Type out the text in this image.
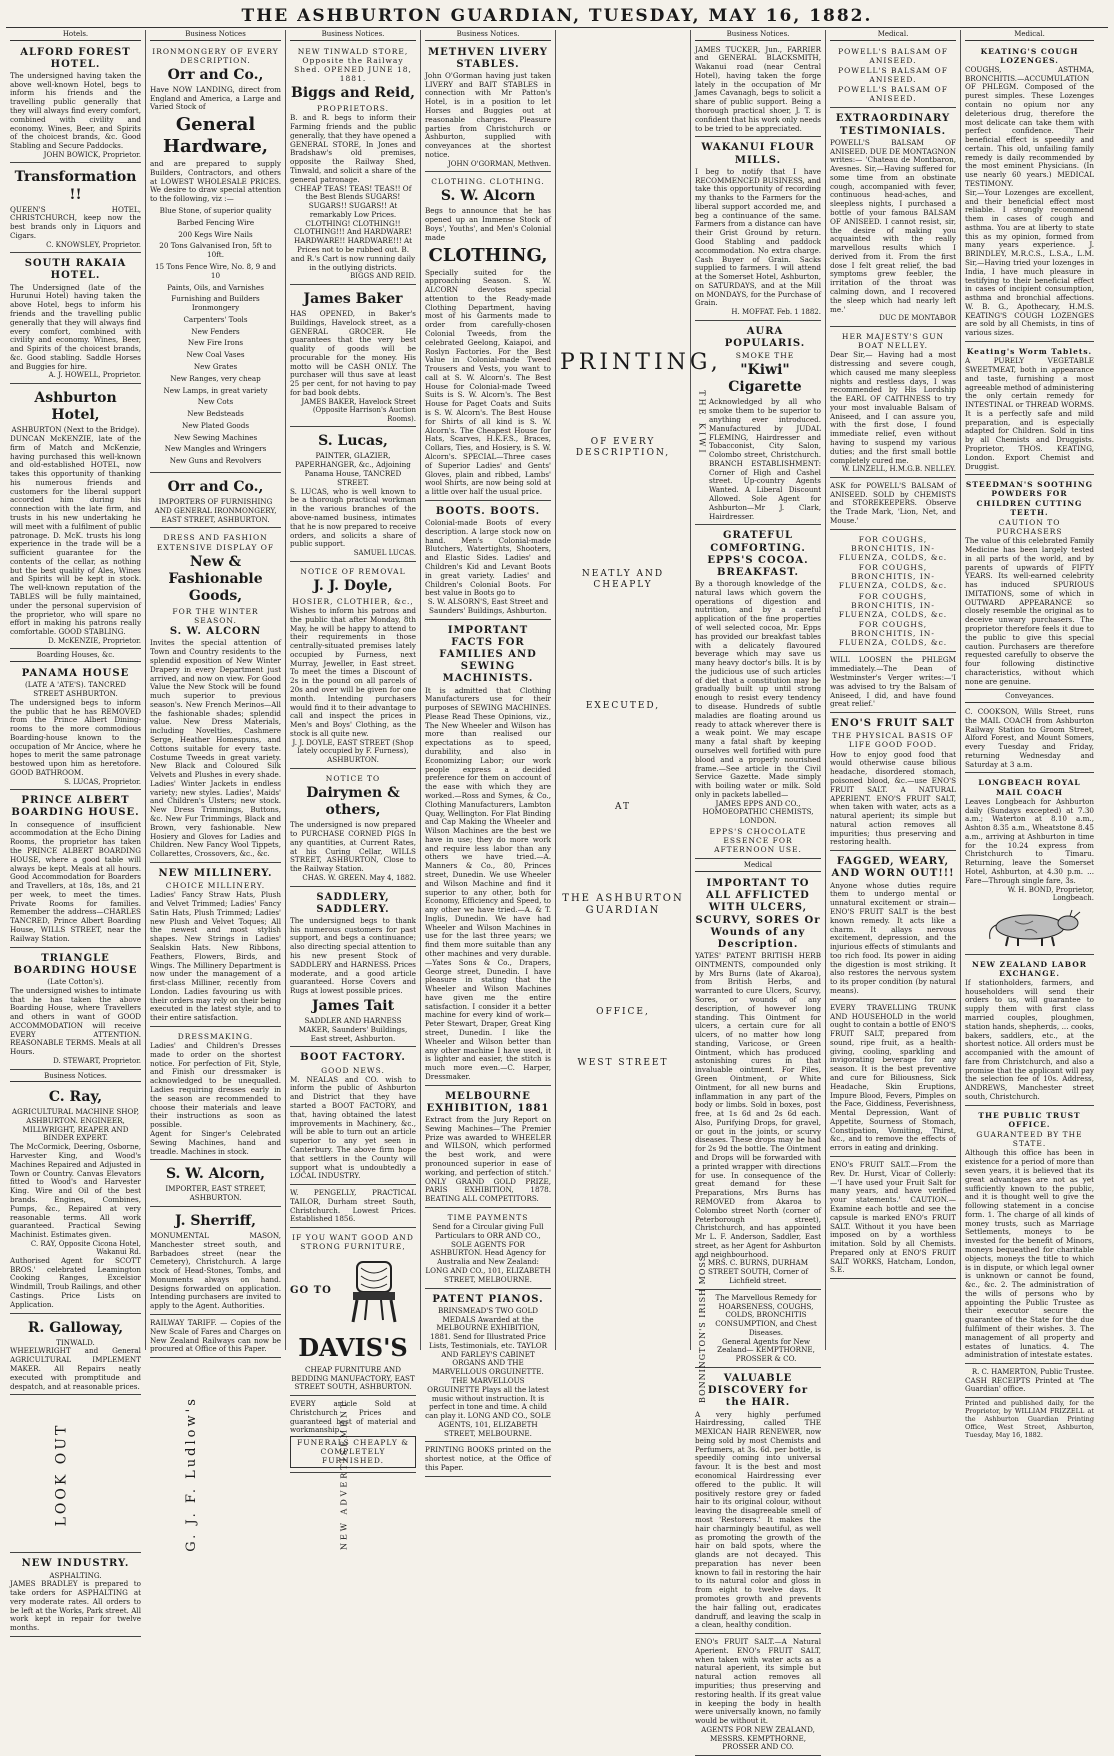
THE ASHBURTON GUARDIAN, TUESDAY, MAY 16, 1882.
Hotels.
ALFORD FOREST HOTEL.
The undersigned having taken the above well-known Hotel, begs to inform his friends and the travelling public generally that they will always find every comfort, combined with civility and economy. Wines, Beer, and Spirits of the choicest brands, &c. Good Stabling and Secure Paddocks.
JOHN BOWICK, Proprietor.
Transformation !!
QUEEN'S HOTEL, CHRISTCHURCH, keep now the best brands only in Liquors and Cigars.
C. KNOWSLEY, Proprietor.
SOUTH RAKAIA HOTEL.
The Undersigned (late of the Hurunui Hotel) having taken the above Hotel, begs to inform his friends and the travelling public generally that they will always find every comfort, combined with civility and economy. Wines, Beer, and Spirits of the choicest brands, &c. Good stabling. Saddle Horses and Buggies for hire.
A. J. HOWELL, Proprietor.
Ashburton Hotel,
ASHBURTON (Next to the Bridge).
DUNCAN McKENZIE, late of the firm of Match and McKenzie, having purchased this well-known and old-established HOTEL, now takes this opportunity of thanking his numerous friends and customers for the liberal support accorded him during his connection with the late firm, and trusts in his new undertaking he will meet with a fulfilment of public patronage. D. McK. trusts his long experience in the trade will be a sufficient guarantee for the contents of the cellar, as nothing but the best quality of Ales, Wines and Spirits will be kept in stock. The well-known reputation of the TABLES will be fully maintained, under the personal supervision of the proprietor, who will spare no effort in making his patrons really comfortable. GOOD STABLING.
D. McKENZIE, Proprietor.
Boarding Houses, &c.
PANAMA HOUSE
(LATE A 'ATE'S). TANCRED STREET ASHBURTON.
The undersigned begs to inform the public that he has REMOVED from the Prince Albert Dining-rooms to the more commodious Boarding-house known to the occupation of Mr Ancice, where he hopes to merit the same patronage bestowed upon him as heretofore. GOOD BATHROOM.
S. LUCAS, Proprietor.
PRINCE ALBERT BOARDING HOUSE.
In consequence of insufficient accommodation at the Echo Dining Rooms, the proprietor has taken the PRINCE ALBERT BOARDING HOUSE, where a good table will always be kept. Meals at all hours. Good Accommodation for Boarders and Travellers, at 18s, 18s, and 21 per week, to meet the times. Private Rooms for families. Remember the address—CHARLES TANCRED, Prince Albert Boarding House, WILLS STREET, near the Railway Station.
TRIANGLE BOARDING HOUSE
(Late Cotton's).
The undersigned wishes to intimate that he has taken the above Boarding House, where Travellers and others in want of GOOD ACCOMMODATION will receive EVERY ATTENTION. REASONABLE TERMS. Meals at all Hours.
D. STEWART, Proprietor.
Business Notices.
C. Ray,
AGRICULTURAL MACHINE SHOP, ASHBURTON. ENGINEER, MILLWRIGHT, REAPER AND BINDER EXPERT.
The McCormick, Deering, Osborne, Harvester King, and Wood's Machines Repaired and Adjusted in Town or Country. Canvas Elevators fitted to Wood's and Harvester King. Wire and Oil of the best brands. Engines, Combines, Pumps, &c., Repaired at very reasonable terms. All work guaranteed. Practical Sewing Machinist. Estimates given.
C. RAY, Opposite Cicona Hotel, Wakanui Rd.
Authorised Agent for SCOTT BROS.' celebrated Leamington Cooking Ranges, Excelsior Windmill, Troub Railings, and other Castings. Price Lists on Application.
R. Galloway,
TINWALD.
WHEELWRIGHT and General AGRICULTURAL IMPLEMENT MAKER. All Repairs neatly executed with promptitude and despatch, and at reasonable prices.
LOOK OUT	G. J. F. Ludlow's	NEW ADVERTISEMENT
NEW INDUSTRY.
ASPHALTING.
JAMES BRADLEY is prepared to take orders for ASPHALTING at very moderate rates. All orders to be left at the Works, Park street. All work kept in repair for twelve months.
Business Notices
IRONMONGERY OF EVERY DESCRIPTION.
Orr and Co.,
Have NOW LANDING, direct from England and America, a Large and Varied Stock of
General Hardware,
and are prepared to supply Builders, Contractors, and others at LOWEST WHOLESALE PRICES. We desire to draw special attention to the following, viz :—
Blue Stone, of superior quality
Barbed Fencing Wire
200 Kegs Wire Nails
20 Tons Galvanised Iron, 5ft to 10ft.
15 Tons Fence Wire, No. 8, 9 and 10
Paints, Oils, and Varnishes
Furnishing and Builders Ironmongery
Carpenters' Tools
New Fenders
New Fire Irons
New Coal Vases
New Grates
New Ranges, very cheap
New Lamps, in great variety
New Cots
New Bedsteads
New Plated Goods
New Sewing Machines
New Mangles and Wringers
New Guns and Revolvers
Orr and Co.,
IMPORTERS OF FURNISHING AND GENERAL IRONMONGERY, EAST STREET, ASHBURTON.
DRESS AND FASHION EXTENSIVE DISPLAY OF
New & Fashionable Goods,
FOR THE WINTER SEASON.
S. W. ALCORN
Invites the special attention of Town and Country residents to the splendid exposition of New Winter Drapery in every Department just arrived, and now on view. For Good Value the New Stock will be found much superior to previous season's. New French Merinos—All the fashionable shades; splendid value. New Dress Materials, including Novelties, Cashmere Serge, Heather Homespuns, and Cottons suitable for every taste. Costume Tweeds in great variety. New Black and Coloured Silk Velvets and Plushes in every shade. Ladies' Winter Jackets in endless variety; new styles. Ladies', Maids' and Children's Ulsters; new stock. New Dress Trimmings, Buttons, &c. New Fur Trimmings, Black and Brown, very fashionable. New Hosiery and Gloves for Ladies and Children. New Fancy Wool Tippets, Collarettes, Crossovers, &c., &c.
NEW MILLINERY.
CHOICE MILLINERY.
Ladies' Fancy Straw Hats, Plush and Velvet Trimmed; Ladies' Fancy Satin Hats, Plush Trimmed; Ladies' new Plush and Velvet Toques; All the newest and most stylish shapes. New Strings in Ladies' Sealskin Hats. New Ribbons, Feathers, Flowers, Birds, and Wings. The Millinery Department is now under the management of a first-class Milliner, recently from London. Ladies favouring us with their orders may rely on their being executed in the latest style, and to their entire satisfaction.
DRESSMAKING.
Ladies' and Children's Dresses made to order on the shortest notice. For perfection of Fit, Style, and Finish our dressmaker is acknowledged to be unequalled. Ladies requiring dresses early in the season are recommended to choose their materials and leave their instructions as soon as possible.
Agent for Singer's Celebrated Sewing Machines, hand and treadle. Machines in stock.
S. W. Alcorn,
IMPORTER, EAST STREET, ASHBURTON.
J. Sherriff,
MONUMENTAL MASON, Manchester street south, and Barbadoes street (near the Cemetery), Christchurch. A large stock of Head-Stones, Tombs, and Monuments always on hand. Designs forwarded on application. Intending purchasers are invited to apply to the Agent. Authorities.
RAILWAY TARIFF. — Copies of the New Scale of Fares and Charges on New Zealand Railways can now be procured at Office of this Paper.
Business Notices.
NEW TINWALD STORE, Opposite the Railway Shed. OPENED JUNE 18, 1881.
Biggs and Reid,
PROPRIETORS.
B. and R. begs to inform their Farming friends and the public generally, that they have opened a GENERAL STORE, In Jones and Bradshaw's old premises, opposite the Railway Shed, Tinwald, and solicit a share of the general patronage.
CHEAP TEAS! TEAS! TEAS!! Of the Best Blends SUGARS! SUGARS!! SUGARS!! At remarkably Low Prices. CLOTHING! CLOTHING!! CLOTHING!!! And HARDWARE! HARDWARE!! HARDWARE!!! At Prices not to be rubbed out. B. and R.'s Cart is now running daily in the outlying districts.
BIGGS AND REID.
James Baker
HAS OPENED, in Baker's Buildings, Havelock street, as a GENERAL GROCER. He guarantees that the very best quality of goods will be procurable for the money. His motto will be CASH ONLY. The purchaser will thus save at least 25 per cent, for not having to pay for bad book debts.
JAMES BAKER, Havelock Street (Opposite Harrison's Auction Rooms).
S. Lucas,
PAINTER, GLAZIER, PAPERHANGER, &c., Adjoining Panama House, TANCRED STREET.
S. LUCAS, who is well known to be a thorough practical workman in the various branches of the above-named business, intimates that he is now prepared to receive orders, and solicits a share of public support.
SAMUEL LUCAS.
NOTICE OF REMOVAL
J. J. Doyle,
HOSIER, CLOTHIER, &c.,
Wishes to inform his patrons and the public that after Monday, 8th May, he will be happy to attend to their requirements in those centrally-situated premises lately occupied by Furness, next Murray, Jeweller, in East street. To meet the times a Discount of 2s in the pound on all parcels of 20s and over will be given for one month. Intending purchasers would find it to their advantage to call and inspect the prices in Men's and Boys' Clothing, as the stock is all quite new.
J. J. DOYLE, EAST STREET (Shop lately occupied by F. Furness), ASHBURTON.
NOTICE TO
Dairymen & others,
The undersigned is now prepared to PURCHASE CORNED PIGS In any quantities, at Current Rates, at his Curing Cellar, WILLS STREET, ASHBURTON, Close to the Railway Station.
CHAS. W. GREEN. May 4, 1882.
SADDLERY, SADDLERY.
The undersigned begs to thank his numerous customers for past support, and begs a continuance; also directing special attention to his new present Stock of SADDLERY and HARNESS. Prices moderate, and a good article guaranteed. Horse Covers and Rugs at lowest possible prices.
James Tait
SADDLER AND HARNESS MAKER, Saunders' Buildings, East street, Ashburton.
BOOT FACTORY.
GOOD NEWS.
M. NEALAS and CO. wish to inform the public of Ashburton and District that they have started a BOOT FACTORY, and that, having obtained the latest improvements in Machinery, &c., will be able to turn out an article superior to any yet seen in Canterbury. The above firm hope that settlers in the County will support what is undoubtedly a LOCAL INDUSTRY.
W. PENGELLY, PRACTICAL TAILOR, Durham street South, Christchurch. Lowest Prices. Established 1856.
IF YOU WANT GOOD AND STRONG FURNITURE,
GO TO
DAVIS'S
CHEAP FURNITURE AND BEDDING MANUFACTORY, EAST STREET SOUTH, ASHBURTON.
EVERY article Sold at Christchurch Prices and guaranteed best of material and workmanship.
FUNERALS CHEAPLY & COMPLETELY FURNISHED.
Business Notices.
METHVEN LIVERY STABLES.
John O'Gorman having just taken LIVERY and BAIT STABLES in connection with Mr Patton's Hotel, is in a position to let Horses and Buggies out at reasonable charges. Pleasure parties from Christchurch or Ashburton, supplied with conveyances at the shortest notice.
JOHN O'GORMAN, Methven.
CLOTHING. CLOTHING.
S. W. Alcorn
Begs to announce that he has opened up an Immense Stock of Boys', Youths', and Men's Colonial made
CLOTHING,
Specially suited for the approaching Season. S. W. ALCORN devotes special attention to the Ready-made Clothing Department, having most of his Garments made to order from carefully-chosen Colonial Tweeds, from the celebrated Geelong, Kaiapoi, and Roslyn Factories. For the Best Value in Colonial-made Tweed Trousers and Vests, you want to call at S. W. Alcorn's. The Best House for Colonial-made Tweed Suits is S. W. Alcorn's. The Best House for Paget Coats and Suits is S. W. Alcorn's. The Best House for Shirts of all kind is S. W. Alcorn's. The Cheapest House for Hats, Scarves, H.K.F.S., Braces, Collars, Ties, and Hosiery, is S. W. Alcorn's. SPECIAL—Three cases of Superior Ladies' and Gents' Gloves, plain and ribbed, Lambs' wool Shirts, are now being sold at a little over half the usual price.
BOOTS. BOOTS.
Colonial-made Boots of every description. A large stock now on hand. Men's Colonial-made Blutchers, Watertights, Shooters, and Elastic Sides. Ladies' and Children's Kid and Levant Boots in great variety. Ladies' and Children's Colonial Boots. For best value in Boots go to
S. W. ALSORN'S, East Street and Saunders' Buildings, Ashburton.
IMPORTANT FACTS FOR FAMILIES AND SEWING MACHINISTS.
It is admitted that Clothing Manufacturers use for their purposes of SEWING MACHINES. Please Read These Opinions, viz., The New Wheeler and Wilson has more than realised our expectations as to speed, durability, and also in Economizing Labor; our work people express a decided preference for them on account of the ease with which they are worked.—Ross and Symes, & Co., Clothing Manufacturers, Lambton Quay, Wellington. For Flat Binding and Cap Making the Wheeler and Wilson Machines are the best we have in use; they do more work and require less labor than any others we have tried.—A. Manners & Co., 80, Princes street, Dunedin. We use Wheeler and Wilson Machine and find it superior to any other, both for Economy, Efficiency and Speed, to any other we have tried.—A. & T. Inglis, Dunedin. We have had Wheeler and Wilson Machines in use for the last three years; we find them more suitable than any other machines and very durable.—Yates Sons & Co., Drapers, George street, Dunedin. I have pleasure in stating that the Wheeler and Wilson Machines have given me the entire satisfaction. I consider it a better machine for every kind of work—Peter Stewart, Draper, Great King street, Dunedin. I like the Wheeler and Wilson better than any other machine I have used, it is lighter and easier, the stitch is much more even.—C. Harper, Dressmaker.
MELBOURNE EXHIBITION, 1881
Extract from the Jury Report on Sewing Machines—'The Premier Prize was awarded to WHEELER and WILSON, which performed the best work, and were pronounced superior in ease of working, and perfection of stitch.' ONLY GRAND GOLD PRIZE, PARIS EXHIBITION, 1878. BEATING ALL COMPETITORS.
TIME PAYMENTS
Send for a Circular giving Full Particulars to ORR AND CO., SOLE AGENTS FOR ASHBURTON. Head Agency for Australia and New Zealand: LONG AND CO., 101, ELIZABETH STREET, MELBOURNE.
PATENT PIANOS.
BRINSMEAD'S TWO GOLD MEDALS Awarded at the MELBOURNE EXHIBITION, 1881. Send for Illustrated Price Lists, Testimonials, etc. TAYLOR AND FARLEY'S CABINET ORGANS AND THE MARVELLOUS ORGUINETTE. THE MARVELLOUS ORGUINETTE Plays all the latest music without instruction. It is perfect in tone and time. A child can play it. LONG AND CO., SOLE AGENTS, 101, ELIZABETH STREET, MELBOURNE.
PRINTING BOOKS printed on the shortest notice, at the Office of this Paper.
PRINTING,
OF EVERY DESCRIPTION,
NEATLY AND CHEAPLY
EXECUTED,
AT
THE ASHBURTON GUARDIAN
OFFICE,
WEST STREET
Business Notices.
JAMES TUCKER, Jun., FARRIER and GENERAL BLACKSMITH, Wakanui road (near Central Hotel), having taken the forge lately in the occupation of Mr James Cavanagh, begs to solicit a share of public support. Being a thorough practical shoer, J. T. is confident that his work only needs to be tried to be appreciated.
WAKANUI FLOUR MILLS.
I beg to notify that I have RECOMMENCED BUSINESS, and take this opportunity of recording my thanks to the Farmers for the liberal support accorded me, and beg a continuance of the same. Farmers from a distance can have their Grist Ground by return. Good Stabling and paddock accommodation. No extra charge. Cash Buyer of Grain. Sacks supplied to farmers. I will attend at the Somerset Hotel, Ashburton, on SATURDAYS, and at the Mill on MONDAYS, for the Purchase of Grain.
H. MOFFAT. Feb. 1 1882.
THE KIWI
AURA POPULARIS.
SMOKE THE
"Kiwi" Cigarette
Acknowledged by all who smoke them to be superior to anything ever introduced. Manufactured by JUDAL FLEMING, Hairdresser and Tobacconist, City Salon, Colombo street, Christchurch. BRANCH ESTABLISHMENT: Corner of High and Cashel street. Up-country Agents Wanted. A Liberal Discount Allowed. Sole Agent for Ashburton—Mr J. Clark, Hairdresser.
GRATEFUL COMFORTING. EPPS'S COCOA. BREAKFAST.
By a thorough knowledge of the natural laws which govern the operations of digestion and nutrition, and by a careful application of the fine properties of well selected cocoa, Mr. Epps has provided our breakfast tables with a delicately flavoured beverage which may save us many heavy doctor's bills. It is by the judicious use of such articles of diet that a constitution may be gradually built up until strong enough to resist every tendency to disease. Hundreds of subtle maladies are floating around us ready to attack wherever there is a weak point. We may escape many a fatal shaft by keeping ourselves well fortified with pure blood and a properly nourished frame.—See article in the Civil Service Gazette. Made simply with boiling water or milk. Sold only in packets labelled—
JAMES EPPS AND CO., HOMOEOPATHIC CHEMISTS, LONDON.
EPPS'S CHOCOLATE ESSENCE FOR AFTERNOON USE.
Medical
IMPORTANT TO ALL AFFLICTED WITH ULCERS, SCURVY, SORES Or Wounds of any Description.
YATES' PATENT BRITISH HERB OINTMENTS, compounded only by Mrs Burns (late of Akaroa), from British Herbs, and warranted to cure Ulcers, Scurvy, Sores, or wounds of any description, of however long standing. This Ointment for ulcers, a certain cure for all ulcers, of no matter how long standing, Varicose, or Green Ointment, which has produced astonishing cures in that invaluable ointment. For Piles, Green Ointment, or White Ointment, for all new burns and inflammation in any part of the body or limbs. Sold in boxes, post free, at 1s 6d and 2s 6d each. Also, Purifying Drops, for gravel, or gout in the joints, or scurvy diseases. These drops may be had for 2s 9d the bottle. The Ointment and Drops will be forwarded with a printed wrapper with directions for use. In consequence of the great demand for these Preparations, Mrs Burns has REMOVED from Akaroa to Colombo street North (corner of Peterborough street), Christchurch, and has appointed Mr L. F. Anderson, Saddler, East street, as her Agent for Ashburton and neighbourhood.
MRS. C. BURNS, DURHAM STREET SOUTH, Corner of Lichfield street.
BONNINGTON'S IRISH MOSS	The Marvellous Remedy for HOARSENESS, COUGHS, COLDS, BRONCHITIS CONSUMPTION, and Chest Diseases.
General Agents for New Zealand— KEMPTHORNE, PROSSER & CO.
VALUABLE DISCOVERY for the HAIR.
A very highly perfumed Hairdressing, called THE MEXICAN HAIR RENEWER, now being sold by most Chemists and Perfumers, at 3s. 6d. per bottle, is speedily coming into universal favour. It is the best and most economical Hairdressing ever offered to the public. It will positively restore grey or faded hair to its original colour, without leaving the disagreeable smell of most 'Restorers.' It makes the hair charmingly beautiful, as well as promoting the growth of the hair on bald spots, where the glands are not decayed. This preparation has never been known to fail in restoring the hair to its natural color and gloss in from eight to twelve days. It promotes growth and prevents the hair falling out, eradicates dandruff, and leaving the scalp in a clean, healthy condition.
ENO's FRUIT SALT.—A Natural Aperient. ENO's FRUIT SALT, when taken with water acts as a natural aperient, its simple but natural action removes all impurities; thus preserving and restoring health. If its great value in keeping the body in health were universally known, no family would be without it.
AGENTS FOR NEW ZEALAND, MESSRS. KEMPTHORNE, PROSSER AND CO.
Medical.
POWELL'S BALSAM OF ANISEED.
POWELL'S BALSAM OF ANISEED.
POWELL'S BALSAM OF ANISEED.
EXTRAORDINARY TESTIMONIALS.
POWELL'S BALSAM OF ANISEED. DUE DE MONTAGNON writes:— 'Chateau de Montbaron, Avesnes. Sir,—Having suffered for some time from an obstinate cough, accompanied with fever, continuous head-aches, and sleepless nights, I purchased a bottle of your famous BALSAM OF ANISEED. I cannot resist, sir, the desire of making you acquainted with the really marvellous results which I derived from it. From the first dose I felt great relief, the bad symptoms grew feebler, the irritation of the throat was calming down, and I recovered the sleep which had nearly left me.'
DUC DE MONTABOR
HER MAJESTY'S GUN BOAT NELLEY.
Dear Sir,— Having had a most distressing and severe cough, which caused me many sleepless nights and restless days, I was recommended by His Lordship the EARL OF CAITHNESS to try your most invaluable Balsam of Aniseed, and I can assure you, with the first dose, I found immediate relief, even without having to suspend my various duties; and the first small bottle completely cured me.
W. LINZELL, H.M.G.B. NELLEY.
ASK for POWELL'S BALSAM of ANISEED. SOLD by CHEMISTS and STOREKEEPERS. Observe the Trade Mark, 'Lion, Net, and Mouse.'
FOR COUGHS, BRONCHITIS, IN-FLUENZA, COLDS, &c.
FOR COUGHS, BRONCHITIS, IN-FLUENZA, COLDS, &c.
FOR COUGHS, BRONCHITIS, IN-FLUENZA, COLDS, &c.
FOR COUGHS, BRONCHITIS, IN-FLUENZA, COLDS, &c.
WILL LOOSEN the PHLEGM immediately.—The Dean of Westminster's Verger writes:—'I was advised to try the Balsam of Aniseed, I did, and have found great relief.'
ENO'S FRUIT SALT
THE PHYSICAL BASIS OF LIFE GOOD FOOD.
How to enjoy good food that would otherwise cause bilious headache, disordered stomach, poisoned blood, &c.—use ENO'S FRUIT SALT. A NATURAL APERIENT. ENO'S FRUIT SALT, when taken with water, acts as a natural aperient; its simple but natural action removes all impurities; thus preserving and restoring health.
FAGGED, WEARY, AND WORN OUT!!!
Anyone whose duties require them to undergo mental or unnatural excitement or strain—ENO'S FRUIT SALT is the best known remedy. It acts like a charm. It allays nervous excitement, depression, and the injurious effects of stimulants and too rich food. Its power in aiding the digestion is most striking. It also restores the nervous system to its proper condition (by natural means).
EVERY TRAVELLING TRUNK AND HOUSEHOLD in the world ought to contain a bottle of ENO'S FRUIT SALT, prepared from sound, ripe fruit, as a health-giving, cooling, sparkling and invigorating beverage for any season. It is the best preventive and cure for Biliousness, Sick Headache, Skin Eruptions, Impure Blood, Fevers, Pimples on the Face, Giddiness, Feverishness, Mental Depression, Want of Appetite, Sourness of Stomach, Constipation, Vomiting, Thirst, &c., and to remove the effects of errors in eating and drinking.
ENO's FRUIT SALT.—From the Rev. Dr. Hurst, Vicar of Collerly:—'I have used your Fruit Salt for many years, and have verified your statements.' CAUTION.—Examine each bottle and see the capsule is marked ENO's FRUIT SALT. Without it you have been imposed on by a worthless imitation. Sold by all Chemists. Prepared only at ENO'S FRUIT SALT WORKS, Hatcham, London, S.E.
Medical.
KEATING'S COUGH LOZENGES.
COUGHS, ASTHMA, BRONCHITIS.—ACCUMULATION OF PHLEGM. Composed of the purest simples. These Lozenges contain no opium nor any deleterious drug, therefore the most delicate can take them with perfect confidence. Their beneficial effect is speedily and certain. This old, unfailing family remedy is daily recommended by the most eminent Physicians. (In use nearly 60 years.) MEDICAL TESTIMONY.
Sir,—Your Lozenges are excellent, and their beneficial effect most reliable. I strongly recommend them in cases of cough and asthma. You are at liberty to state this as my opinion, formed from many years experience. J. BRINDLEY, M.R.C.S., L.S.A., L.M. Sir,—Having tried your lozenges in India, I have much pleasure in testifying to their beneficial effect in cases of incipient consumption, asthma and bronchial affections. W. B. G., Apothecary, H.M.S. KEATING'S COUGH LOZENGES are sold by all Chemists, in tins of various sizes.
Keating's Worm Tablets.
A PURELY VEGETABLE SWEETMEAT, both in appearance and taste, furnishing a most agreeable method of administering the only certain remedy for INTESTINAL or THREAD WORMS. It is a perfectly safe and mild preparation, and is especially adapted for Children. Sold in tins by all Chemists and Druggists. Proprietor, THOS. KEATING, London. Export Chemist and Druggist.
STEEDMAN'S SOOTHING POWDERS FOR CHILDREN CUTTING TEETH.
CAUTION TO PURCHASERS
The value of this celebrated Family Medicine has been largely tested in all parts of the world, and by parents of upwards of FIFTY YEARS. Its well-earned celebrity has induced SPURIOUS IMITATIONS, some of which in OUTWARD APPEARANCE so closely resemble the original as to deceive unwary purchasers. The proprietor therefore feels it due to the public to give this special caution. Purchasers are therefore requested carefully to observe the four following distinctive characteristics, without which none are genuine.
Conveyances.
C. COOKSON, Wills Street, runs the MAIL COACH from Ashburton Railway Station to Groom Street, Alford Forest, and Mount Somers, every Tuesday and Friday, returning Wednesday and Saturday at 3 a.m.
LONGBEACH ROYAL MAIL COACH
Leaves Longbeach for Ashburton daily (Sundays excepted) at 7.30 a.m.; Waterton at 8.10 a.m., Ashton 8.35 a.m., Wheatstone 8.45 a.m., arriving at Ashburton in time for the 10.24 express from Christchurch to Timaru. Returning, leave the Somerset Hotel, Ashburton, at 4.30 p.m. ... Fare—Through single fare, 3s.
W. H. BOND, Proprietor, Longbeach.
NEW ZEALAND LABOR EXCHANGE.
If stationholders, farmers, and householders will send their orders to us, will guarantee to supply them with first class married couples, ploughmen, station hands, shepherds, ... cooks, bakers, saddlers, etc., at the shortest notice. All orders must be accompanied with the amount of fare from Christchurch, and also a promise that the applicant will pay the selection fee of 10s. Address, ANDREWS, Manchester street south, Christchurch.
THE PUBLIC TRUST OFFICE.
GUARANTEED BY THE STATE.
Although this office has been in existence for a period of more than seven years, it is believed that its great advantages are not as yet sufficiently known to the public, and it is thought well to give the following statement in a concise form. 1. The charge of all kinds of money trusts, such as Marriage Settlements, moneys to be invested for the benefit of Minors, moneys bequeathed for charitable objects, moneys the title to which is in dispute, or which legal owner is unknown or cannot be found, &c., &c. 2. The administration of the wills of persons who by appointing the Public Trustee as their executor secure the guarantee of the State for the due fulfilment of their wishes. 3. The management of all property and estates of lunatics. 4. The administration of intestate estates.
R. C. HAMERTON, Public Trustee.
CASH RECEIPTS Printed at 'The Guardian' office.
Printed and published daily, for the Proprietor, by WILLIAM FRIZZELL at the Ashburton Guardian Printing Office, West Street, Ashburton, Tuesday, May 16, 1882.
